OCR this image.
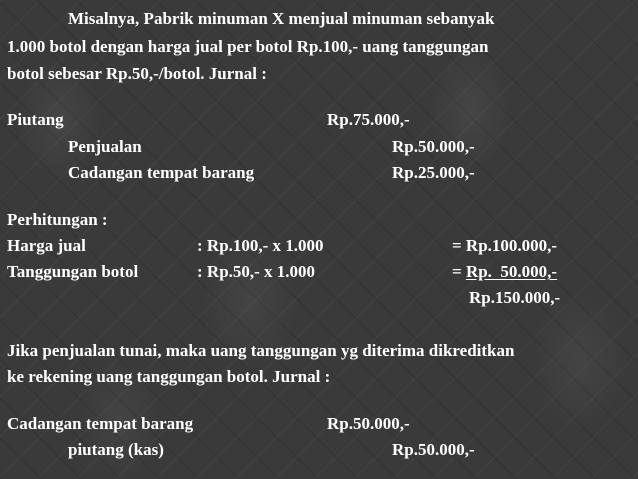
Misalnya, Pabrik minuman X menjual minuman sebanyak
1.000 botol dengan harga jual per botol Rp.100,- uang tanggungan
botol sebesar Rp.50,-/botol. Jurnal :
Piutang	Rp.75.000,-
Penjualan	Rp.50.000,-
Cadangan tempat barang	Rp.25.000,-
Perhitungan :
Harga jual	: Rp.100,- x 1.000	= Rp.100.000,-
Tanggungan botol	: Rp.50,- x 1.000	= Rp.  50.000,-
Rp.150.000,-
Jika penjualan tunai, maka uang tanggungan yg diterima dikreditkan
ke rekening uang tanggungan botol. Jurnal :
Cadangan tempat barang	Rp.50.000,-
piutang (kas)	Rp.50.000,-
